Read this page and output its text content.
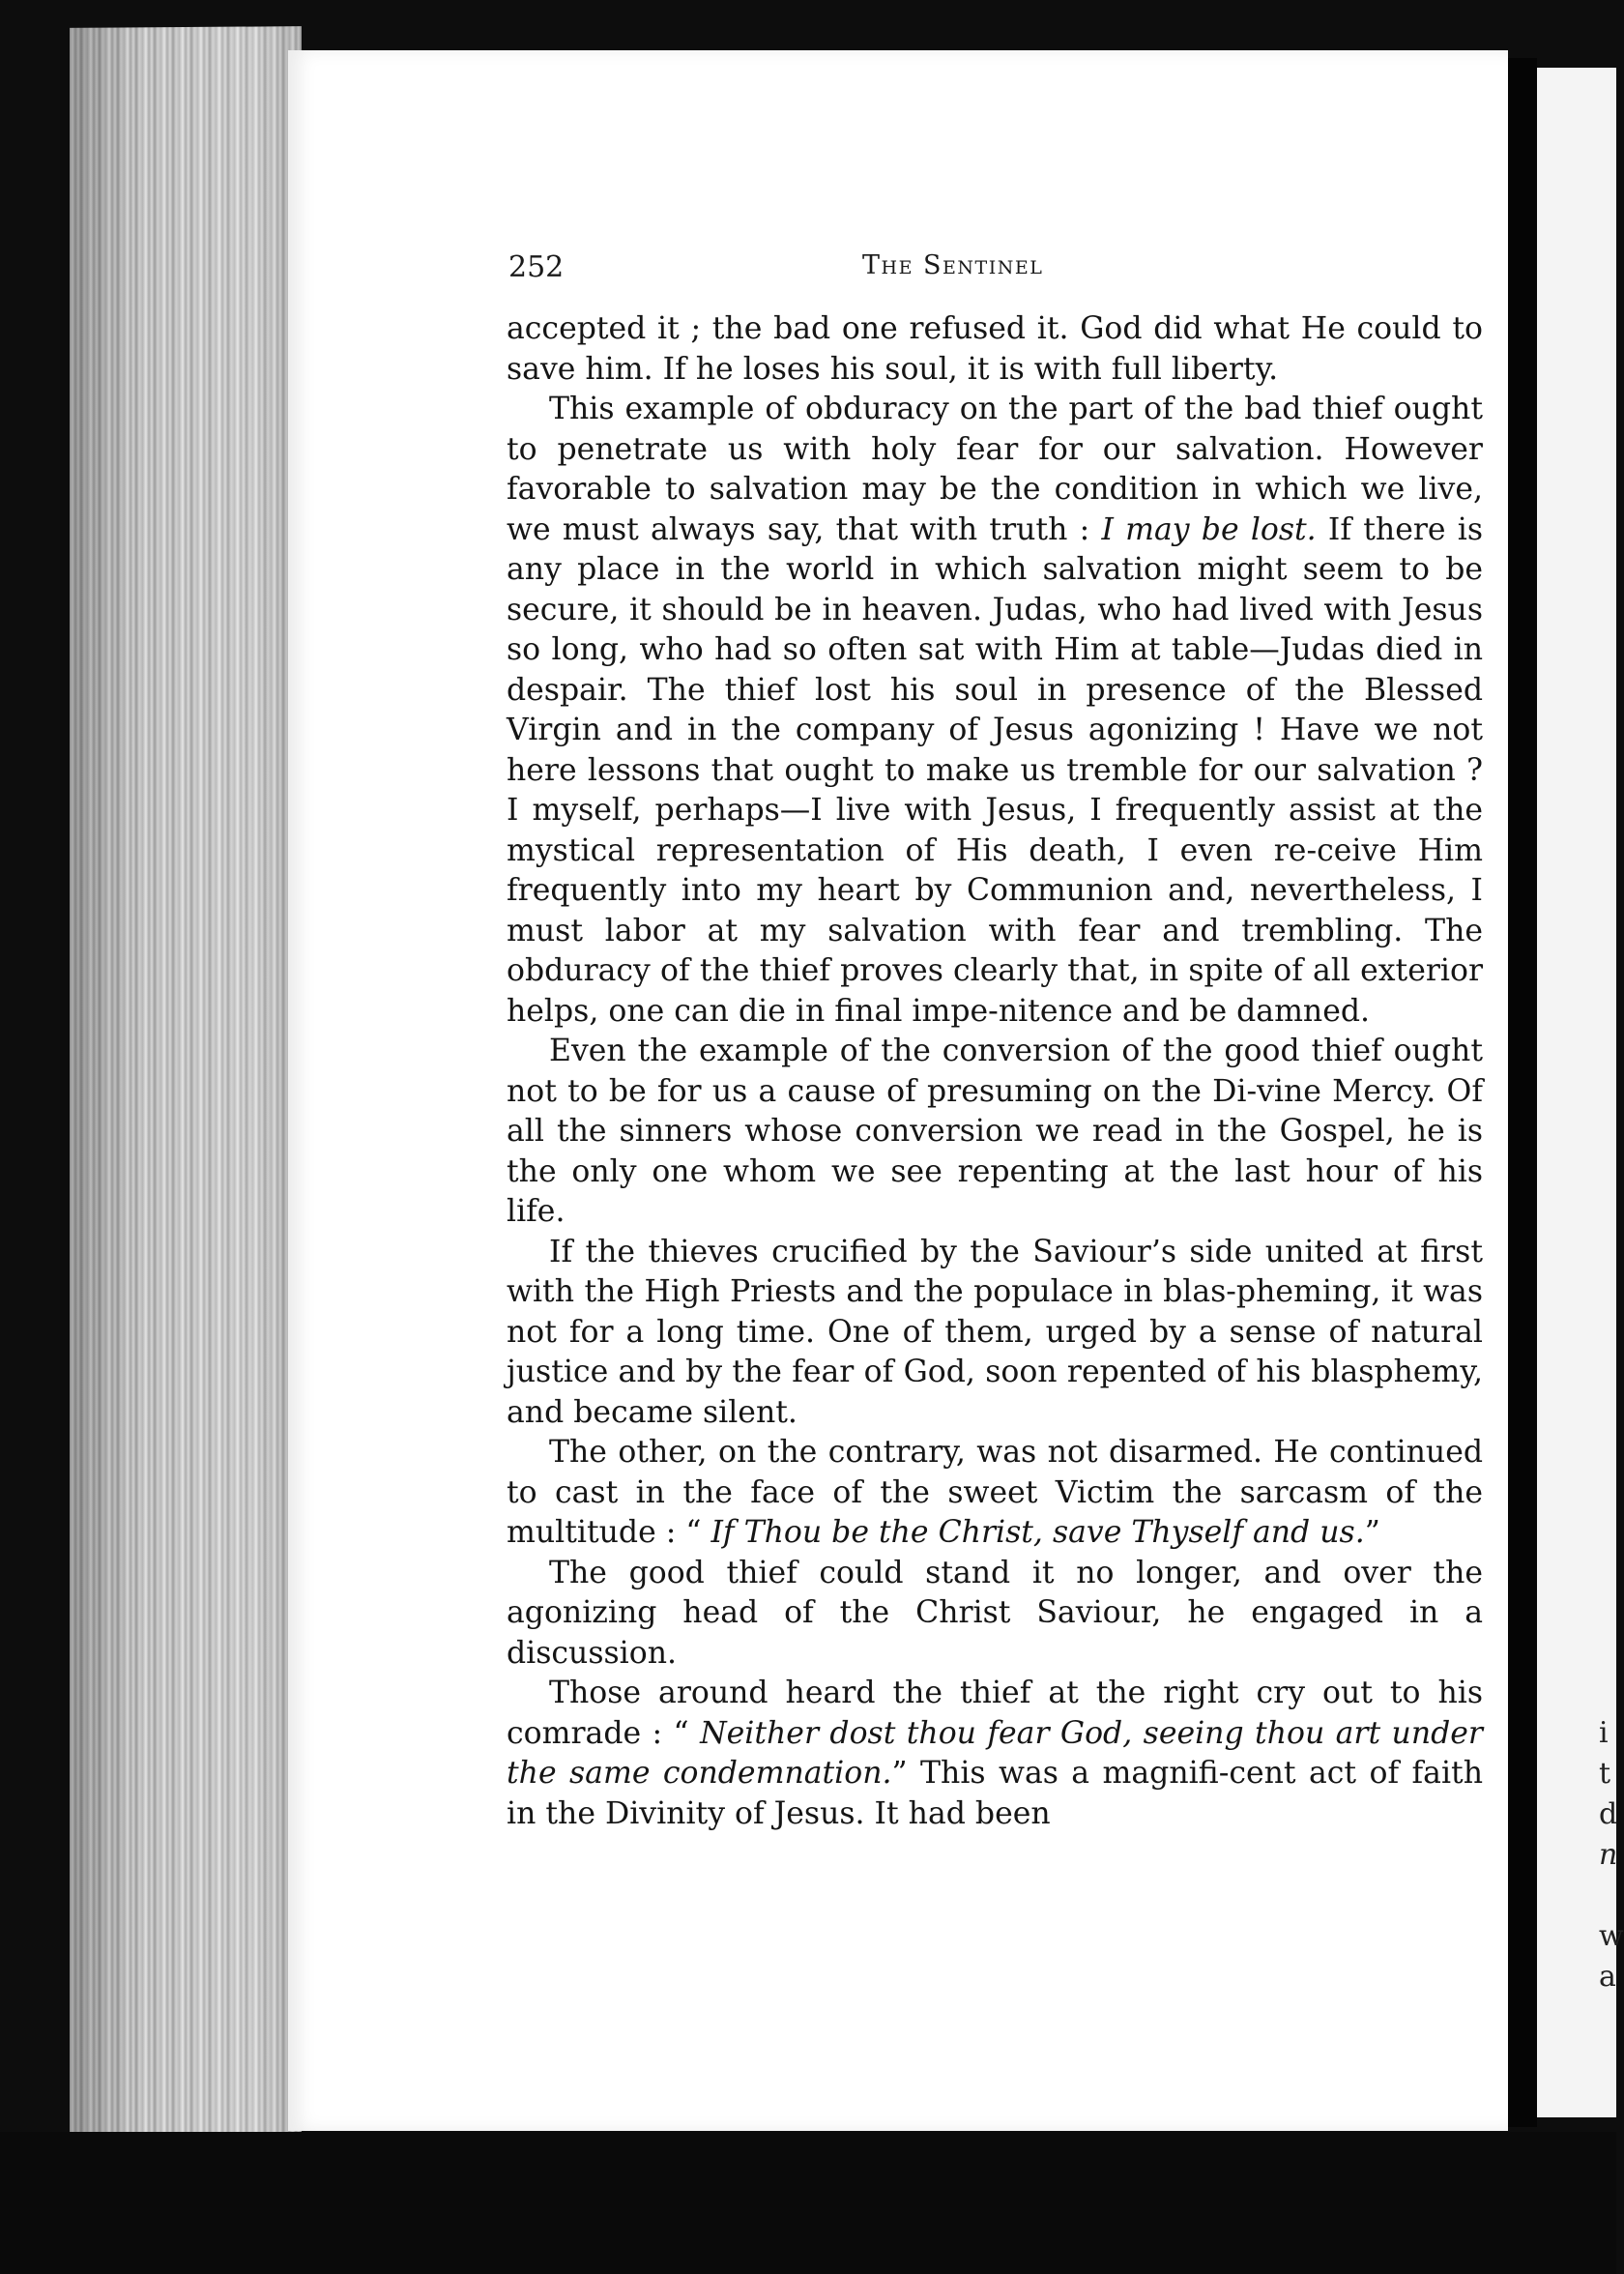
252	The Sentinel

accepted it ; the bad one refused it. God did what He could to save him. If he loses his soul, it is with full liberty.

This example of obduracy on the part of the bad thief ought to penetrate us with holy fear for our salvation. However favorable to salvation may be the condition in which we live, we must always say, that with truth : I may be lost. If there is any place in the world in which salvation might seem to be secure, it should be in heaven. Judas, who had lived with Jesus so long, who had so often sat with Him at table—Judas died in despair. The thief lost his soul in presence of the Blessed Virgin and in the company of Jesus agonizing ! Have we not here lessons that ought to make us tremble for our salvation ? I myself, perhaps—I live with Jesus, I frequently assist at the mystical representation of His death, I even re-ceive Him frequently into my heart by Communion and, nevertheless, I must labor at my salvation with fear and trembling. The obduracy of the thief proves clearly that, in spite of all exterior helps, one can die in final impe-nitence and be damned.

Even the example of the conversion of the good thief ought not to be for us a cause of presuming on the Di-vine Mercy. Of all the sinners whose conversion we read in the Gospel, he is the only one whom we see repenting at the last hour of his life.

If the thieves crucified by the Saviour’s side united at first with the High Priests and the populace in blas-pheming, it was not for a long time. One of them, urged by a sense of natural justice and by the fear of God, soon repented of his blasphemy, and became silent.

The other, on the contrary, was not disarmed. He continued to cast in the face of the sweet Victim the sarcasm of the multitude : “ If Thou be the Christ, save Thyself and us.”

The good thief could stand it no longer, and over the agonizing head of the Christ Saviour, he engaged in a discussion.

Those around heard the thief at the right cry out to his comrade : “ Neither dost thou fear God, seeing thou art under the same condemnation.” This was a magnifi-cent act of faith in the Divinity of Jesus. It had been

i
t
d
n
w
a
